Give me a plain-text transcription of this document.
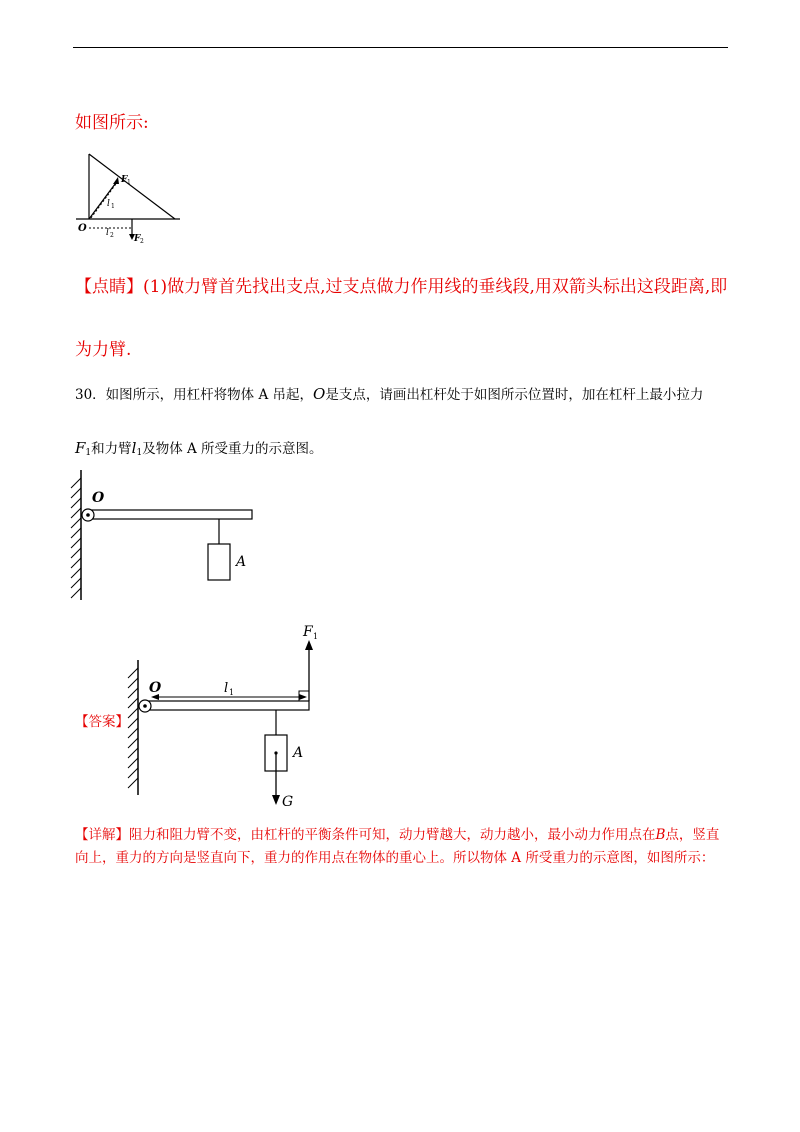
如图所示:
F 1
l 1
O l 2 F 2
【点睛】(1)做力臂首先找出支点,过支点做力作用线的垂线段,用双箭头标出这段距离,即
为力臂.
30．如图所示，用杠杆将物体 A 吊起，O是支点，请画出杠杆处于如图所示位置时，加在杠杆上最小拉力
$F_1$和力臂$l_1$及物体 A 所受重力的示意图。
O
A
【答案】
O	l 1
F 1
A
G
【详解】阻力和阻力臂不变，由杠杆的平衡条件可知，动力臂越大，动力越小，最小动力作用点在B点，竖直向上，重力的方向是竖直向下，重力的作用点在物体的重心上。所以物体 A 所受重力的示意图，如图所示：
